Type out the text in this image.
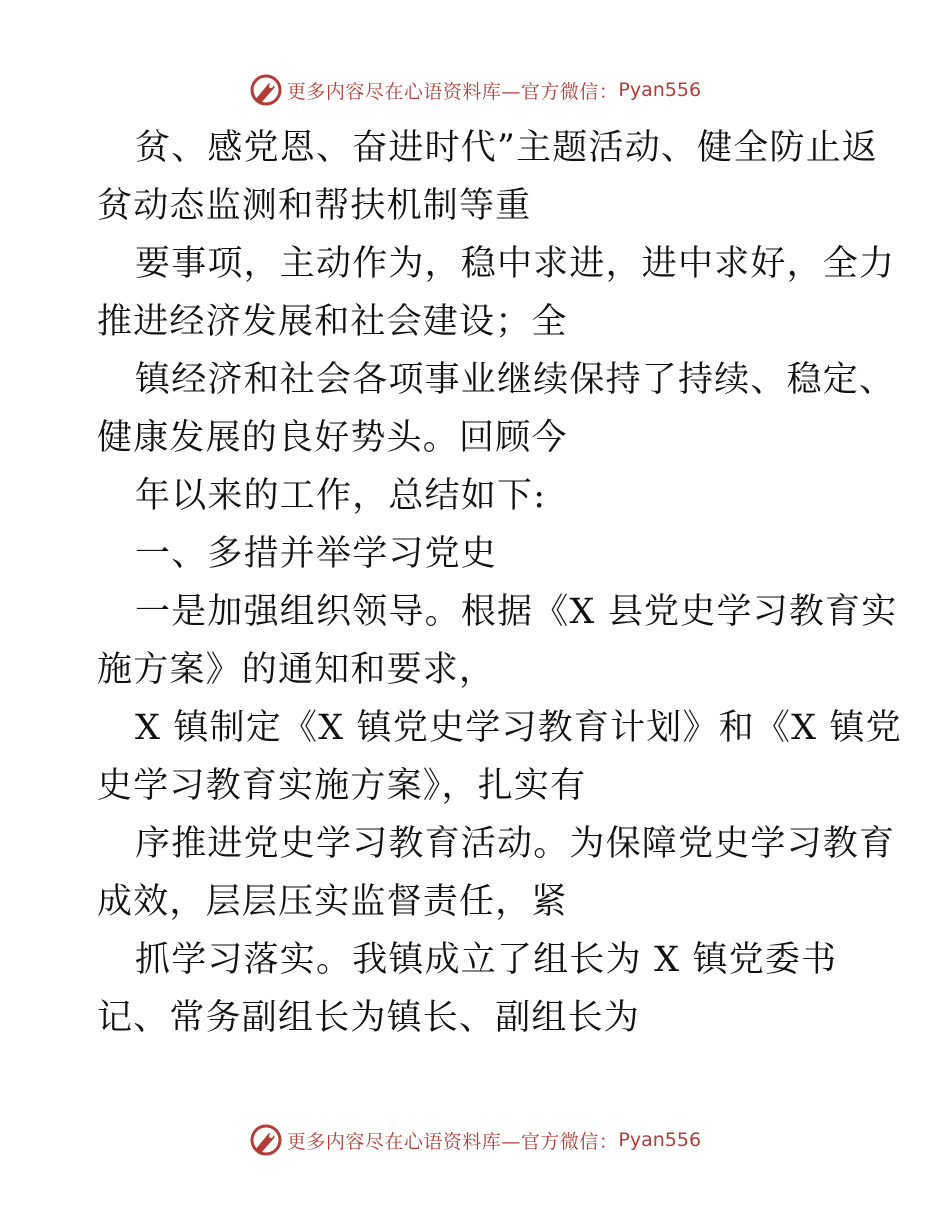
更多内容尽在心语资料库—官方微信： Pyan556
贫、感党恩、奋进时代”主题活动、健全防止返
贫动态监测和帮扶机制等重
要事项，主动作为，稳中求进，进中求好，全力
推进经济发展和社会建设；全
镇经济和社会各项事业继续保持了持续、稳定、
健康发展的良好势头。回顾今
年以来的工作，总结如下:
一、多措并举学习党史
一是加强组织领导。根据《X 县党史学习教育实
施方案》的通知和要求，
X 镇制定《X 镇党史学习教育计划》和《X 镇党
史学习教育实施方案》，扎实有
序推进党史学习教育活动。为保障党史学习教育
成效，层层压实监督责任，紧
抓学习落实。我镇成立了组长为 X 镇党委书
记、常务副组长为镇长、副组长为
更多内容尽在心语资料库—官方微信： Pyan556
